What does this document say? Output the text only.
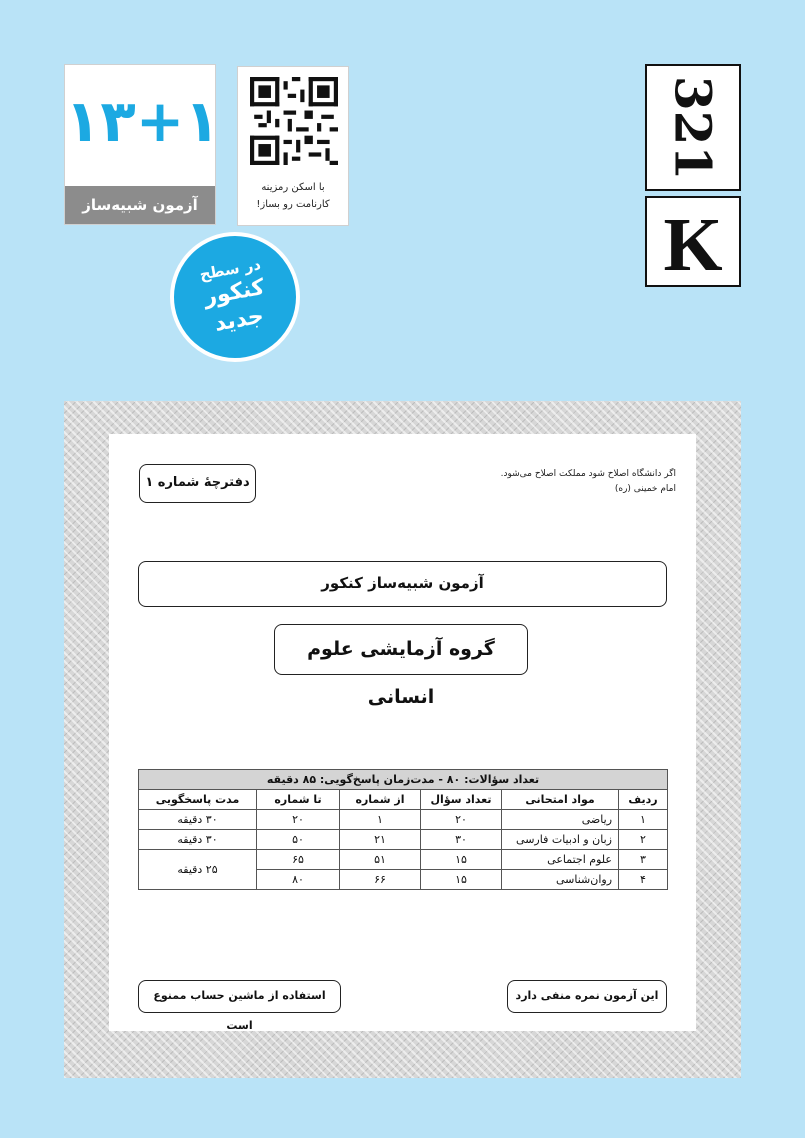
۱۳+۱
آزمون شبیه‌ساز
با اسکن رمزینه
کارنامت رو بساز!
در سطح
کنکور
جدید
321
K
دفترچهٔ شماره ۱
اگر دانشگاه اصلاح شود مملکت اصلاح می‌شود.
امام خمینی (ره)
آزمون شبیه‌ساز کنکور
گروه آزمایشی علوم انسانی
تعداد سؤالات: ۸۰ - مدت‌زمان پاسخ‌گویی: ۸۵ دقیقه					
ردیف	مواد امتحانی	تعداد سؤال	از شماره	تا شماره	مدت پاسخگویی
۱	ریاضی	۲۰	۱	۲۰	۳۰ دقیقه
۲	زبان و ادبیات فارسی	۳۰	۲۱	۵۰	۳۰ دقیقه
۳	علوم اجتماعی	۱۵	۵۱	۶۵	۲۵ دقیقه
۴	روان‌شناسی	۱۵	۶۶	۸۰	
استفاده از ماشین حساب ممنوع است
این آزمون نمره منفی دارد
